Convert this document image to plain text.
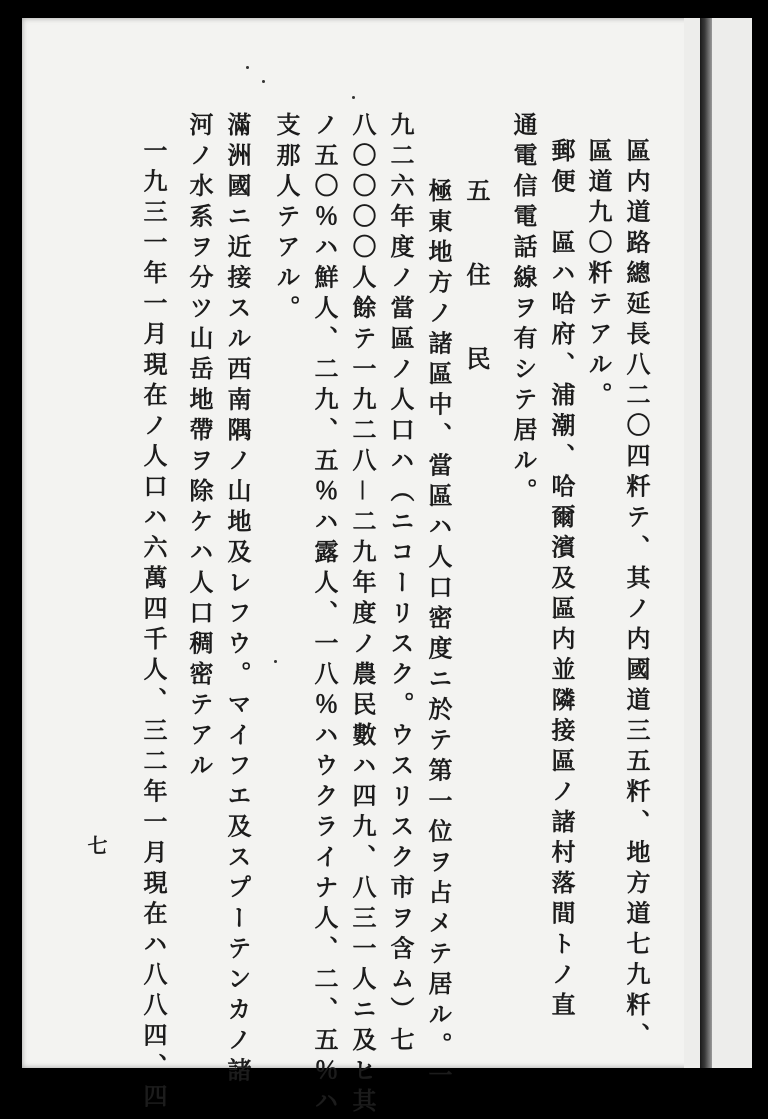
區内道路總延長八二〇四粁テ、其ノ内國道三五粁、地方道七九粁、
區道九〇粁テアル。
郵便　區ハ哈府、浦潮、哈爾濱及區内並隣接區ノ諸村落間トノ直
通電信電話線ヲ有シテ居ル。
五　住　民
極東地方ノ諸區中、當區ハ人口密度ニ於テ第一位ヲ占メテ居ル。一
九二六年度ノ當區ノ人口ハ（ニコーリスク。ウスリスク市ヲ含ム）七
八〇〇〇〇人餘テ一九二八－二九年度ノ農民數ハ四九、八三一人ニ及ヒ其
ノ五〇％ハ鮮人、二九、五％ハ露人、一八％ハウクライナ人、二、五％ハ
支那人テアル。
滿洲國ニ近接スル西南隅ノ山地及レフウ。マイフエ及スプーテンカノ諸
河ノ水系ヲ分ツ山岳地帶ヲ除ケハ人口稠密テアル
一九三一年一月現在ノ人口ハ六萬四千人、三二年一月現在ハ八八四、四
七
